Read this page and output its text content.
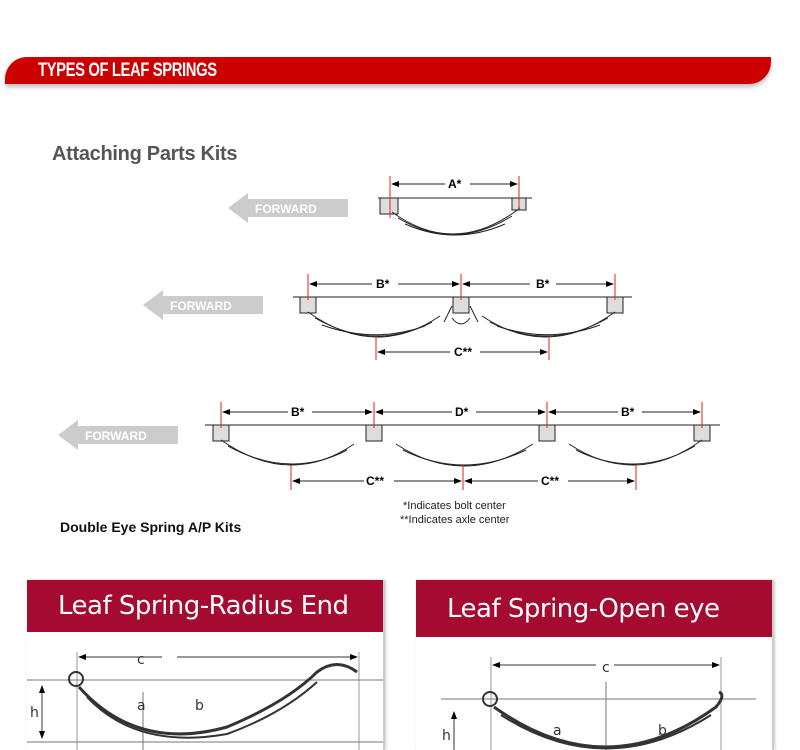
TYPES OF LEAF SPRINGS
Attaching Parts Kits
FORWARD
FORWARD
FORWARD
A*
B*	B*
C**
B*	D*	B*
C**	C**
*Indicates bolt center
**Indicates axle center
Double Eye Spring A/P Kits
Leaf Spring-Radius End
c
h	a	b
Leaf Spring-Open eye
c
h	a	b
